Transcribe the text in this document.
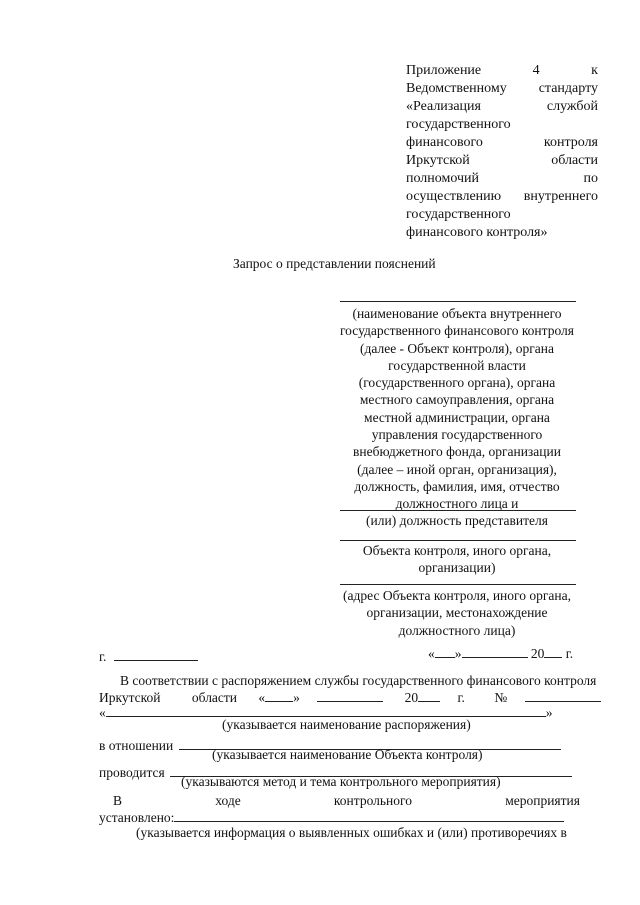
Приложение	4	к
Ведомственному стандарту
«Реализация	службой
государственного
финансового	контроля
Иркутской	области
полномочий	по
осуществлению внутреннего
государственного
финансового контроля»
Запрос о представлении пояснений
(наименование объекта внутреннего
государственного финансового контроля
(далее - Объект контроля), органа
государственной власти
(государственного органа), органа
местного самоуправления, органа
местной администрации, органа
управления государственного
внебюджетного фонда, организации
(далее – иной орган, организация),
должность, фамилия, имя, отчество
должностного лица и
(или) должность представителя
Объекта контроля, иного органа,
организации)
(адрес Объекта контроля, иного органа,
организации, местонахождение
должностного лица)
г.	« »	20 г.
В соответствии с распоряжением службы государственного финансового контроля
Иркутской области « »	20	г. №
«	»
(указывается наименование распоряжения)
в отношении
(указывается наименование Объекта контроля)
проводится
(указываются метод и тема контрольного мероприятия)
В	ходе	контрольного	мероприятия
установлено:
(указывается информация о выявленных ошибках и (или) противоречиях в
